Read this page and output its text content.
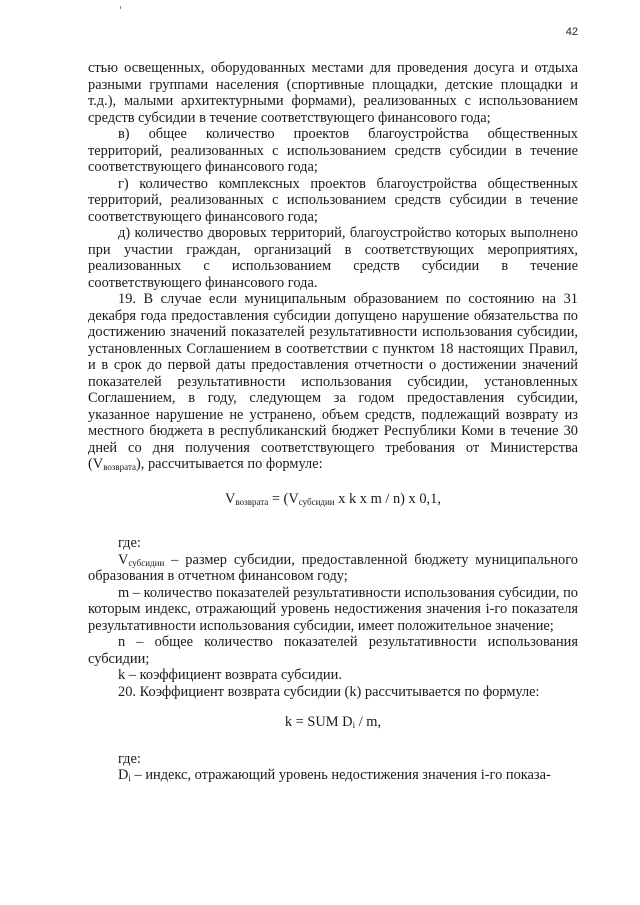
42

стью освещенных, оборудованных местами для проведения досуга и отдыха разными группами населения (спортивные площадки, детские площадки и т.д.), малыми архитектурными формами), реализованных с использованием средств субсидии в течение соответствующего финансового года;

в) общее количество проектов благоустройства общественных территорий, реализованных с использованием средств субсидии в течение соответствующего финансового года;

г) количество комплексных проектов благоустройства общественных территорий, реализованных с использованием средств субсидии в течение соответствующего финансового года;

д) количество дворовых территорий, благоустройство которых выполнено при участии граждан, организаций в соответствующих мероприятиях, реализованных с использованием средств субсидии в течение соответствующего финансового года.

19. В случае если муниципальным образованием по состоянию на 31 декабря года предоставления субсидии допущено нарушение обязательства по достижению значений показателей результативности использования субсидии, установленных Соглашением в соответствии с пунктом 18 настоящих Правил, и в срок до первой даты предоставления отчетности о достижении значений показателей результативности использования субсидии, установленных Соглашением, в году, следующем за годом предоставления субсидии, указанное нарушение не устранено, объем средств, подлежащий возврату из местного бюджета в республиканский бюджет Республики Коми в течение 30 дней со дня получения соответствующего требования от Министерства $(V_{возврата})$, рассчитывается по формуле:

$V_{возврата} = (V_{субсидии}$ x k x m / n) x 0,1,

где:

$V_{субсидии}$ – размер субсидии, предоставленной бюджету муниципального образования в отчетном финансовом году;

m – количество показателей результативности использования субсидии, по которым индекс, отражающий уровень недостижения значения i-го показателя результативности использования субсидии, имеет положительное значение;

n – общее количество показателей результативности использования субсидии;

k – коэффициент возврата субсидии.

20. Коэффициент возврата субсидии (k) рассчитывается по формуле:

k = SUM $D_i$ / m,

где:

$D_i$ – индекс, отражающий уровень недостижения значения i-го показа-
